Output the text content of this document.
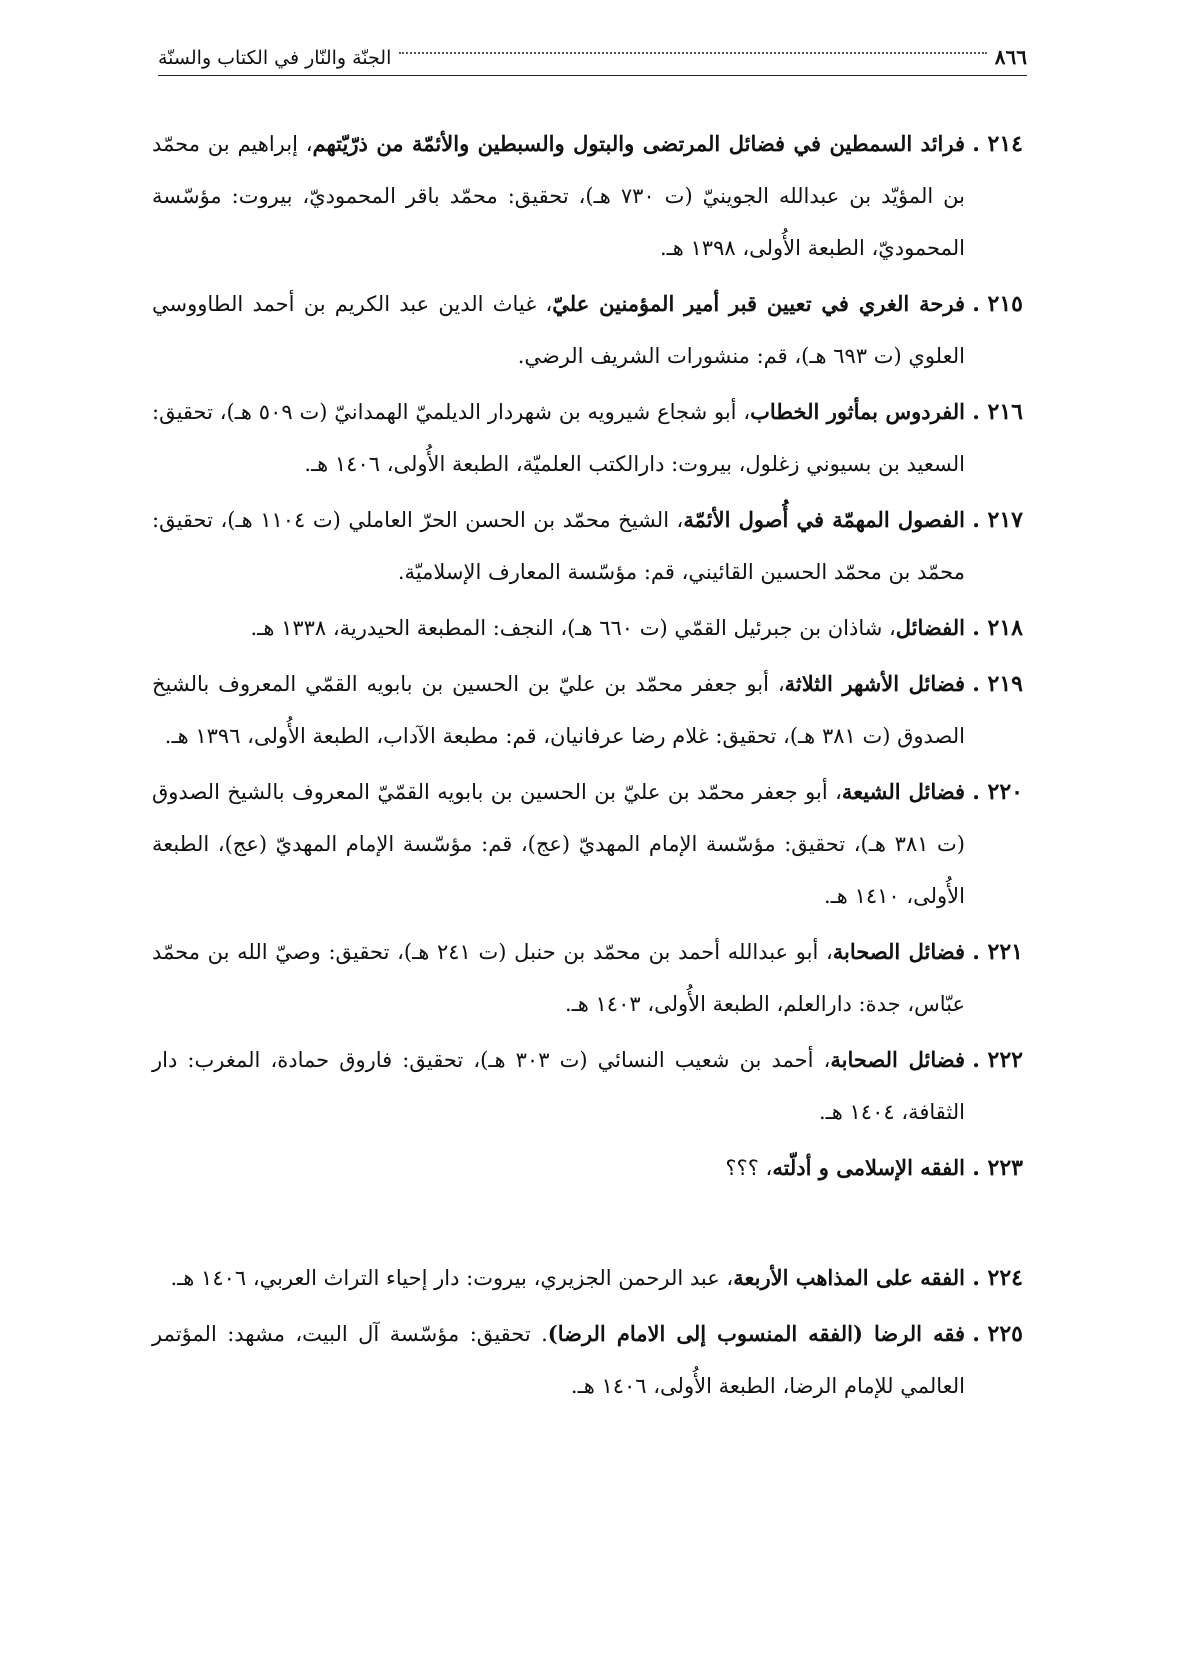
٨٦٦
الجنّة والنّار في الكتاب والسنّة
٢١٤ .
فرائد السمطين في فضائل المرتضى والبتول والسبطين والأئمّة من ذرّيّتهم، إبراهيم بن محمّد بن المؤيّد بن عبدالله الجوينيّ (ت ٧٣٠ هـ)، تحقيق: محمّد باقر المحموديّ، بيروت: مؤسّسة المحموديّ، الطبعة الأُولى، ١٣٩٨ هـ.
٢١٥ .
فرحة الغري في تعيين قبر أمير المؤمنين عليّ، غياث الدين عبد الكريم بن أحمد الطاووسي العلوي (ت ٦٩٣ هـ)، قم: منشورات الشريف الرضي.
٢١٦ .
الفردوس بمأثور الخطاب، أبو شجاع شيرويه بن شهردار الديلميّ الهمدانيّ (ت ٥٠٩ هـ)، تحقيق: السعيد بن بسيوني زغلول، بيروت: دارالكتب العلميّة، الطبعة الأُولى، ١٤٠٦ هـ.
٢١٧ .
الفصول المهمّة في أُصول الأئمّة، الشيخ محمّد بن الحسن الحرّ العاملي (ت ١١٠٤ هـ)، تحقيق: محمّد بن محمّد الحسين القائيني، قم: مؤسّسة المعارف الإسلاميّة.
٢١٨ .
الفضائل، شاذان بن جبرئيل القمّي (ت ٦٦٠ هـ)، النجف: المطبعة الحيدرية، ١٣٣٨ هـ.
٢١٩ .
فضائل الأشهر الثلاثة، أبو جعفر محمّد بن عليّ بن الحسين بن بابويه القمّي المعروف بالشيخ الصدوق (ت ٣٨١ هـ)، تحقيق: غلام رضا عرفانيان، قم: مطبعة الآداب، الطبعة الأُولى، ١٣٩٦ هـ.
٢٢٠ .
فضائل الشيعة، أبو جعفر محمّد بن عليّ بن الحسين بن بابويه القمّيّ المعروف بالشيخ الصدوق (ت ٣٨١ هـ)، تحقيق: مؤسّسة الإمام المهديّ (عج)، قم: مؤسّسة الإمام المهديّ (عج)، الطبعة الأُولى، ١٤١٠ هـ.
٢٢١ .
فضائل الصحابة، أبو عبدالله أحمد بن محمّد بن حنبل (ت ٢٤١ هـ)، تحقيق: وصيّ الله بن محمّد عبّاس، جدة: دارالعلم، الطبعة الأُولى، ١٤٠٣ هـ.
٢٢٢ .
فضائل الصحابة، أحمد بن شعيب النسائي (ت ٣٠٣ هـ)، تحقيق: فاروق حمادة، المغرب: دار الثقافة، ١٤٠٤ هـ.
٢٢٣ .
الفقه الإسلامى و أدلّته، ؟؟؟
٢٢٤ .
الفقه على المذاهب الأربعة، عبد الرحمن الجزيري، بيروت: دار إحياء التراث العربي، ١٤٠٦ هـ.
٢٢٥ .
فقه الرضا (الفقه المنسوب إلى الامام الرضا). تحقيق: مؤسّسة آل البيت، مشهد: المؤتمر العالمي للإمام الرضا، الطبعة الأُولى، ١٤٠٦ هـ.
